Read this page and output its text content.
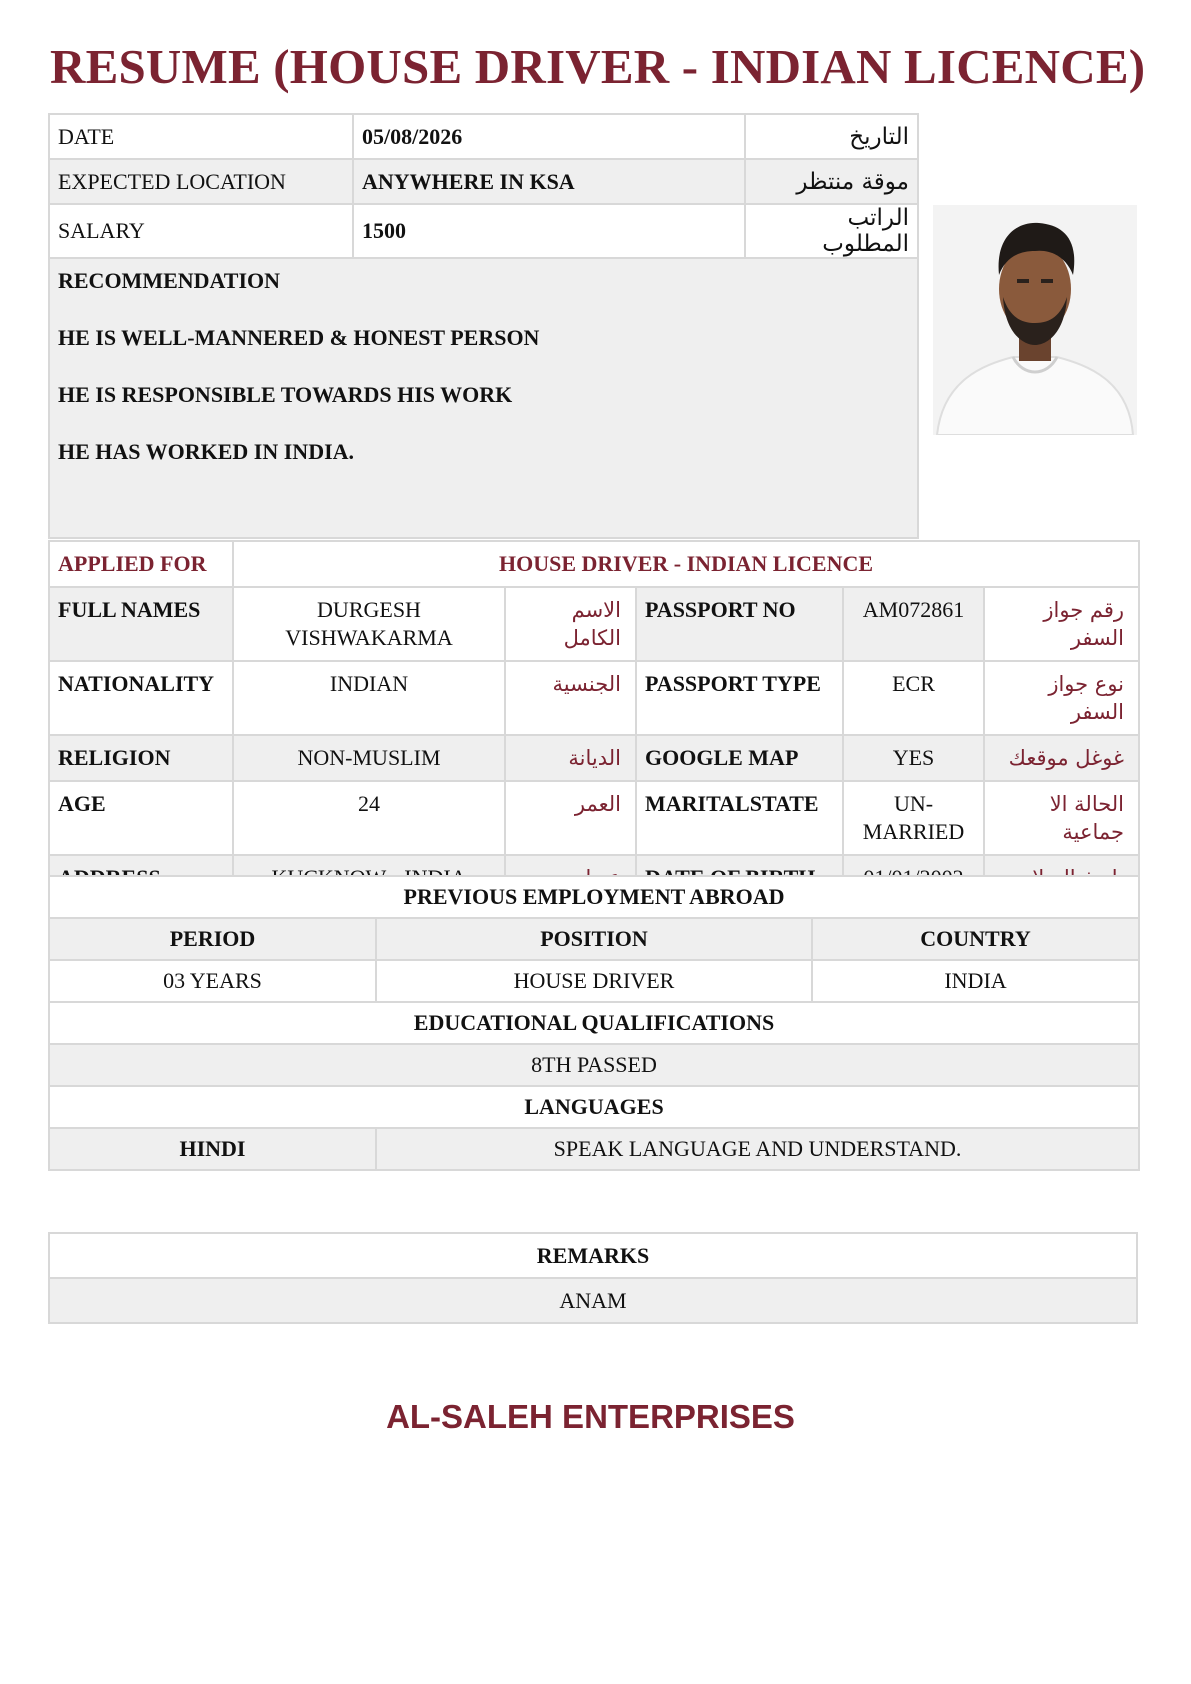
RESUME (HOUSE DRIVER - INDIAN LICENCE)
DATE	05/08/2026	التاريخ
EXPECTED LOCATION	ANYWHERE IN KSA	موقة منتظر
SALARY	1500	الراتب المطلوب

RECOMMENDATION
HE IS WELL-MANNERED & HONEST PERSON
HE IS RESPONSIBLE TOWARDS HIS WORK
HE HAS WORKED IN INDIA.		
APPLIED FOR	HOUSE DRIVER - INDIAN LICENCE				
FULL NAMES	DURGESH VISHWAKARMA	الاسم الكامل	PASSPORT NO	AM072861	رقم جواز السفر
NATIONALITY	INDIAN	الجنسية	PASSPORT TYPE	ECR	نوع جواز السفر
RELIGION	NON-MUSLIM	الديانة	GOOGLE MAP	YES	غوغل موقعك
AGE	24	العمر	MARITALSTATE	UN-MARRIED	الحالة الا جماعية
ADDRESS	KUCKNOW - INDIA	عنوان	DATE OF BIRTH	01/01/2002	تاريخ الميلاد
PREVIOUS EMPLOYMENT ABROAD		
PERIOD	POSITION	COUNTRY
03 YEARS	HOUSE DRIVER	INDIA
EDUCATIONAL QUALIFICATIONS		
8TH PASSED		
LANGUAGES		
HINDI	SPEAK LANGUAGE AND UNDERSTAND.	
REMARKS
ANAM
AL-SALEH ENTERPRISES
